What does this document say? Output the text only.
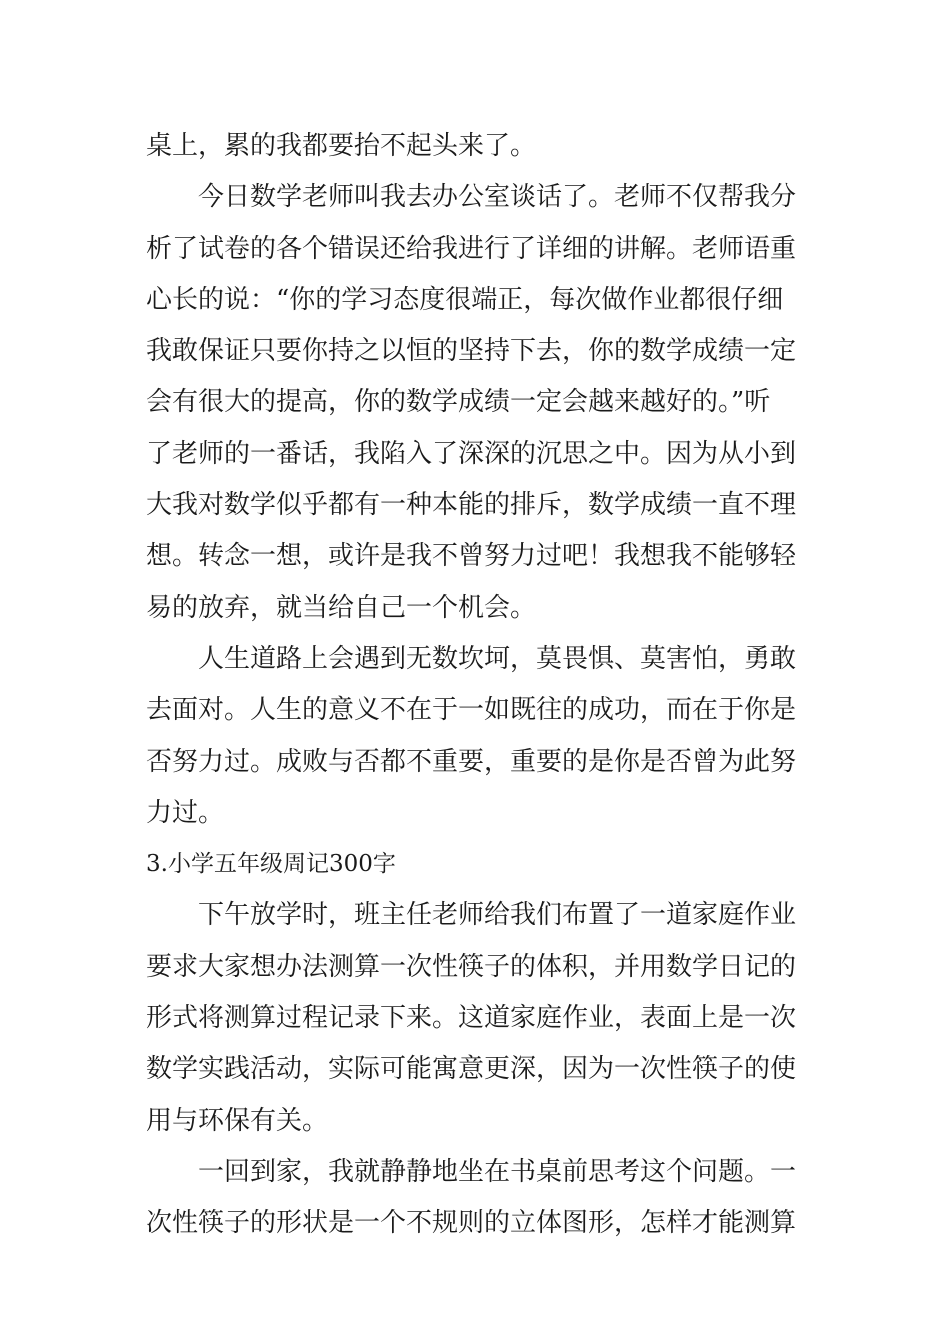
桌上，累的我都要抬不起头来了。
今日数学老师叫我去办公室谈话了。老师不仅帮我分
析了试卷的各个错误还给我进行了详细的讲解。老师语重
心长的说：“你的学习态度很端正，每次做作业都很仔细
我敢保证只要你持之以恒的坚持下去，你的数学成绩一定
会有很大的提高，你的数学成绩一定会越来越好的。”听
了老师的一番话，我陷入了深深的沉思之中。因为从小到
大我对数学似乎都有一种本能的排斥，数学成绩一直不理
想。转念一想，或许是我不曾努力过吧！我想我不能够轻
易的放弃，就当给自己一个机会。
人生道路上会遇到无数坎坷，莫畏惧、莫害怕，勇敢
去面对。人生的意义不在于一如既往的成功，而在于你是
否努力过。成败与否都不重要，重要的是你是否曾为此努
力过。
3.小学五年级周记300字
下午放学时，班主任老师给我们布置了一道家庭作业
要求大家想办法测算一次性筷子的体积，并用数学日记的
形式将测算过程记录下来。这道家庭作业，表面上是一次
数学实践活动，实际可能寓意更深，因为一次性筷子的使
用与环保有关。
一回到家，我就静静地坐在书桌前思考这个问题。一
次性筷子的形状是一个不规则的立体图形，怎样才能测算
